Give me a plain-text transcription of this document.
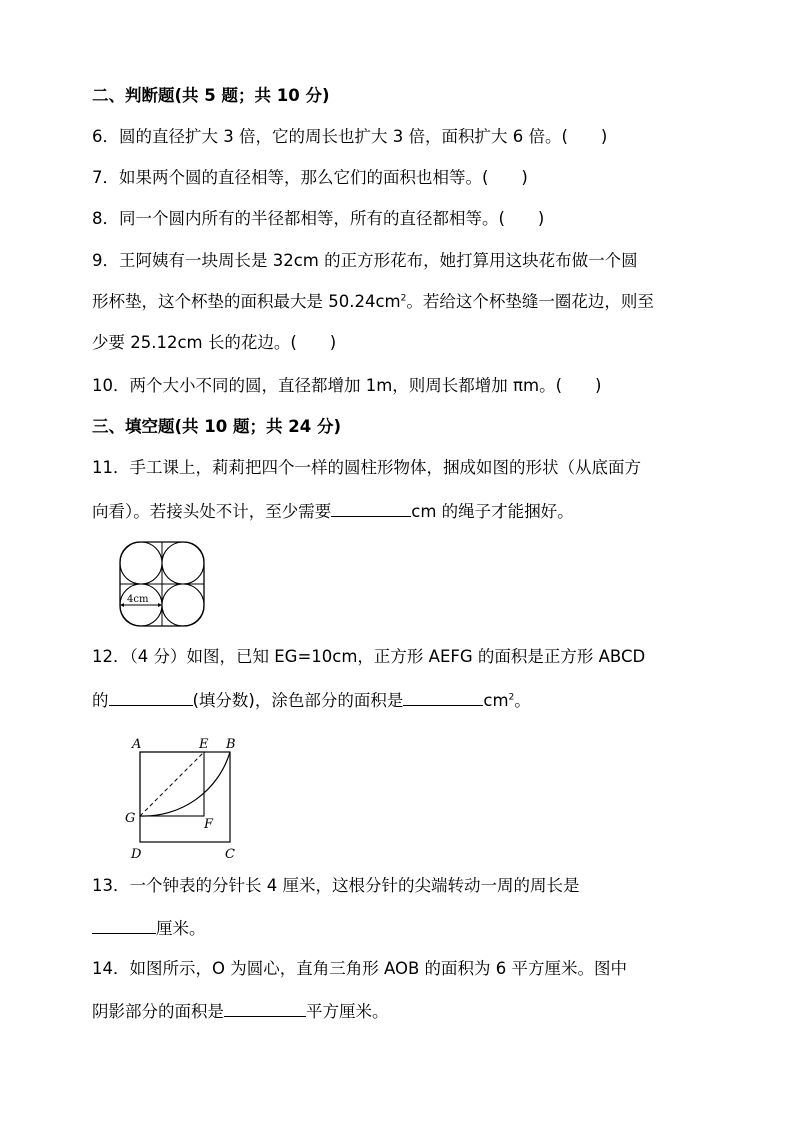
二、判断题(共 5 题；共 10 分)
6．圆的直径扩大 3 倍，它的周长也扩大 3 倍，面积扩大 6 倍。(　　)
7．如果两个圆的直径相等，那么它们的面积也相等。(　　)
8．同一个圆内所有的半径都相等，所有的直径都相等。(　　)
9．王阿姨有一块周长是 32cm 的正方形花布，她打算用这块花布做一个圆
形杯垫，这个杯垫的面积最大是 $50.24cm^2$。若给这个杯垫缝一圈花边，则至
少要 25.12cm 长的花边。(　　)
10．两个大小不同的圆，直径都增加 1m，则周长都增加 πm。(　　)
三、填空题(共 10 题；共 24 分)
11．手工课上，莉莉把四个一样的圆柱形物体，捆成如图的形状（从底面方
向看）。若接头处不计，至少需要	cm 的绳子才能捆好。
4cm
12．（4 分）如图，已知 EG=10cm，正方形 AEFG 的面积是正方形 ABCD
的	(填分数)，涂色部分的面积是	$cm^2$。
A	E B
G	F
D	C
13．一个钟表的分针长 4 厘米，这根分针的尖端转动一周的周长是
厘米。
14．如图所示，O 为圆心，直角三角形 AOB 的面积为 6 平方厘米。图中
阴影部分的面积是	平方厘米。
